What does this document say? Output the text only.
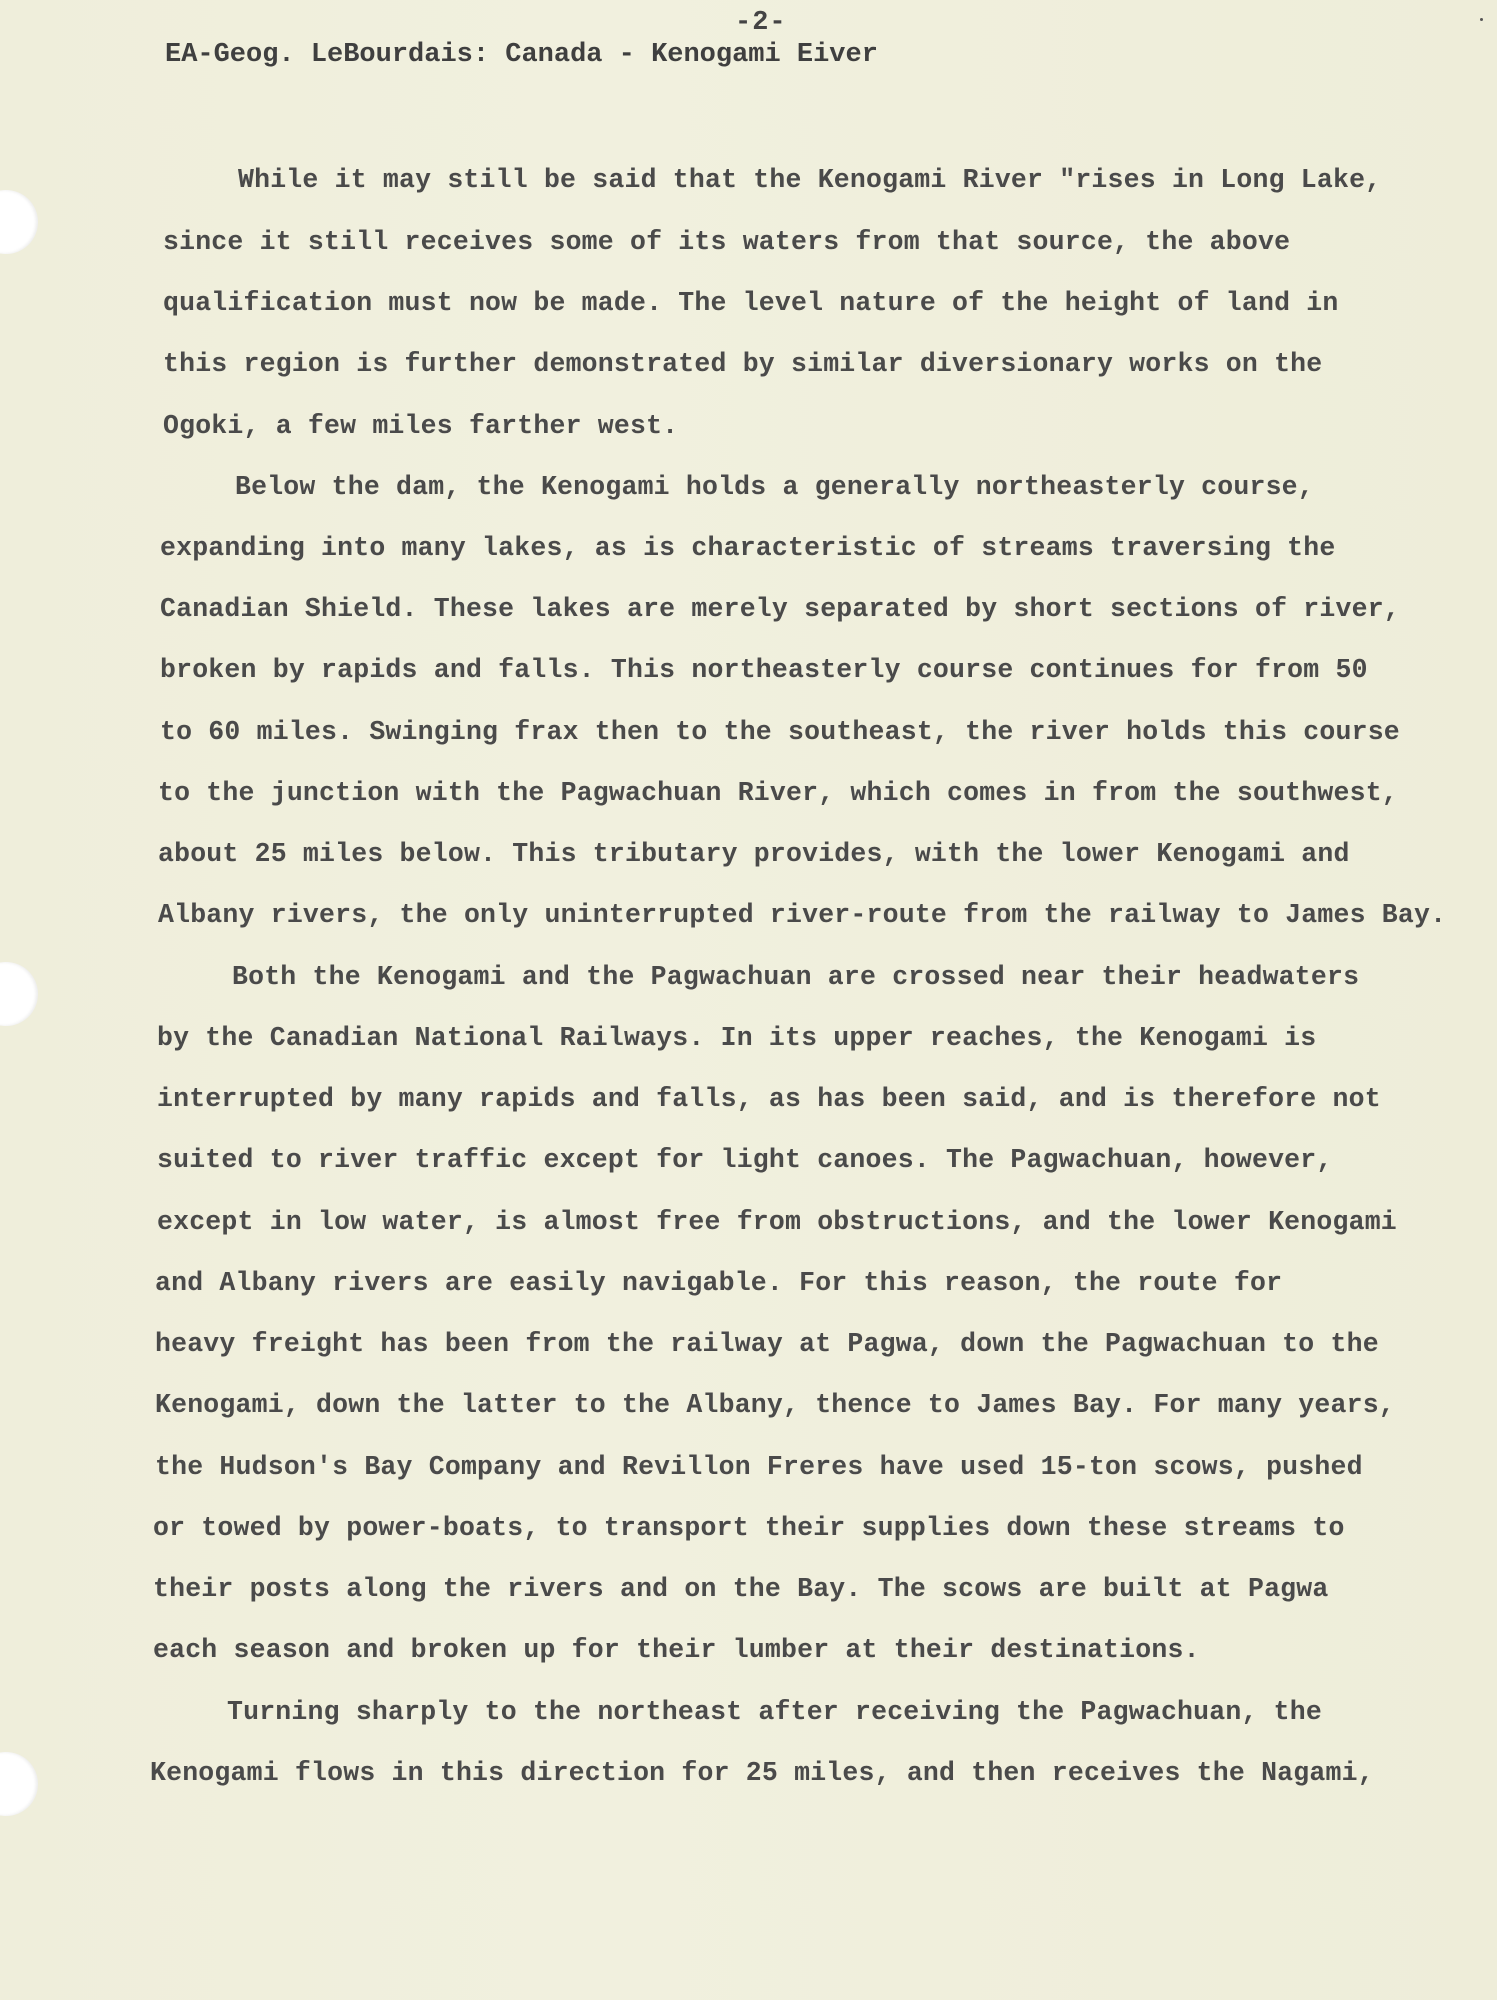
-2-
EA-Geog. LeBourdais: Canada - Kenogami Eiver
While it may still be said that the Kenogami River "rises in Long Lake,
since it still receives some of its waters from that source, the above
qualification must now be made. The level nature of the height of land in
this region is further demonstrated by similar diversionary works on the
Ogoki, a few miles farther west.
Below the dam, the Kenogami holds a generally northeasterly course,
expanding into many lakes, as is characteristic of streams traversing the
Canadian Shield. These lakes are merely separated by short sections of river,
broken by rapids and falls. This northeasterly course continues for from 50
to 60 miles. Swinging frax then to the southeast, the river holds this course
to the junction with the Pagwachuan River, which comes in from the southwest,
about 25 miles below. This tributary provides, with the lower Kenogami and
Albany rivers, the only uninterrupted river-route from the railway to James Bay.
Both the Kenogami and the Pagwachuan are crossed near their headwaters
by the Canadian National Railways. In its upper reaches, the Kenogami is
interrupted by many rapids and falls, as has been said, and is therefore not
suited to river traffic except for light canoes. The Pagwachuan, however,
except in low water, is almost free from obstructions, and the lower Kenogami
and Albany rivers are easily navigable. For this reason, the route for
heavy freight has been from the railway at Pagwa, down the Pagwachuan to the
Kenogami, down the latter to the Albany, thence to James Bay. For many years,
the Hudson's Bay Company and Revillon Freres have used 15-ton scows, pushed
or towed by power-boats, to transport their supplies down these streams to
their posts along the rivers and on the Bay. The scows are built at Pagwa
each season and broken up for their lumber at their destinations.
Turning sharply to the northeast after receiving the Pagwachuan, the
Kenogami flows in this direction for 25 miles, and then receives the Nagami,
